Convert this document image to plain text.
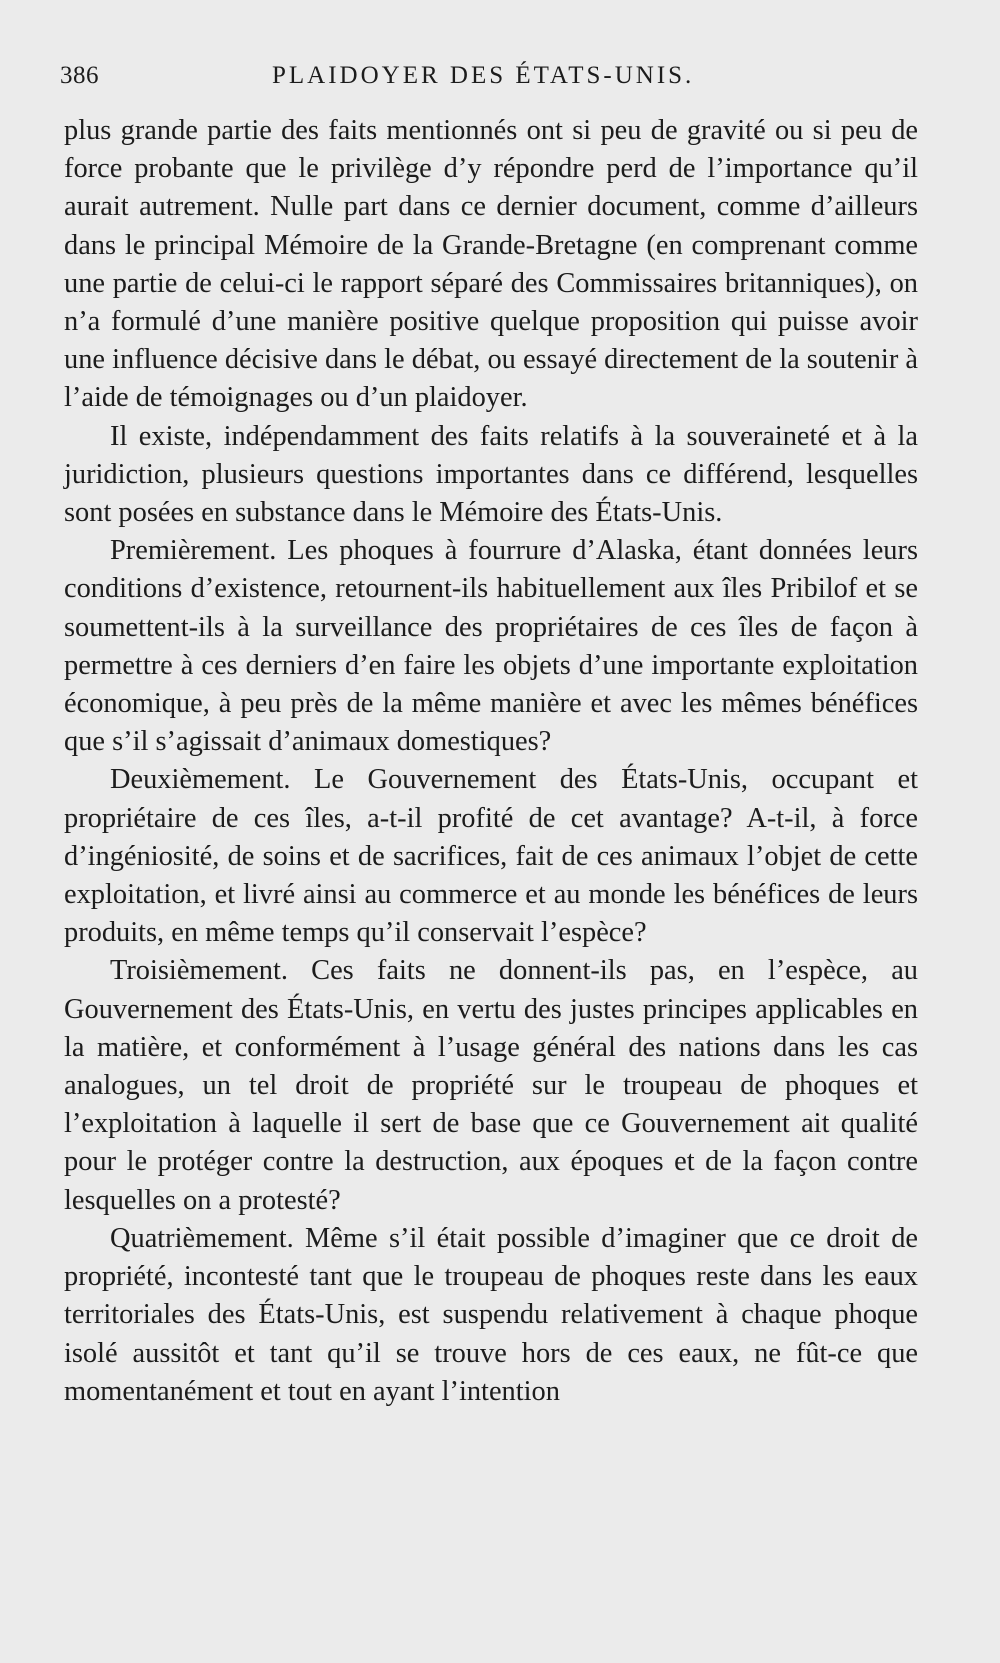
386	PLAIDOYER DES ÉTATS-UNIS.

plus grande partie des faits mentionnés ont si peu de gravité ou si peu de force probante que le privilège d’y répondre perd de l’importance qu’il aurait autrement. Nulle part dans ce dernier document, comme d’ailleurs dans le principal Mémoire de la Grande-Bretagne (en comprenant comme une partie de celui-ci le rapport séparé des Commissaires britanniques), on n’a formulé d’une manière positive quelque proposition qui puisse avoir une influence décisive dans le débat, ou essayé directement de la soutenir à l’aide de témoignages ou d’un plaidoyer.

Il existe, indépendamment des faits relatifs à la souveraineté et à la juridiction, plusieurs questions importantes dans ce différend, lesquelles sont posées en substance dans le Mémoire des États-Unis.

Premièrement. Les phoques à fourrure d’Alaska, étant données leurs conditions d’existence, retournent-ils habituellement aux îles Pribilof et se soumettent-ils à la surveillance des propriétaires de ces îles de façon à permettre à ces derniers d’en faire les objets d’une importante exploitation économique, à peu près de la même manière et avec les mêmes bénéfices que s’il s’agissait d’animaux domestiques?

Deuxièmement. Le Gouvernement des États-Unis, occupant et propriétaire de ces îles, a-t-il profité de cet avantage? A-t-il, à force d’ingéniosité, de soins et de sacrifices, fait de ces animaux l’objet de cette exploitation, et livré ainsi au commerce et au monde les bénéfices de leurs produits, en même temps qu’il conservait l’espèce?

Troisièmement. Ces faits ne donnent-ils pas, en l’espèce, au Gouvernement des États-Unis, en vertu des justes principes applicables en la matière, et conformément à l’usage général des nations dans les cas analogues, un tel droit de propriété sur le troupeau de phoques et l’exploitation à laquelle il sert de base que ce Gouvernement ait qualité pour le protéger contre la destruction, aux époques et de la façon contre lesquelles on a protesté?

Quatrièmement. Même s’il était possible d’imaginer que ce droit de propriété, incontesté tant que le troupeau de phoques reste dans les eaux territoriales des États-Unis, est suspendu relativement à chaque phoque isolé aussitôt et tant qu’il se trouve hors de ces eaux, ne fût-ce que momentanément et tout en ayant l’intention
